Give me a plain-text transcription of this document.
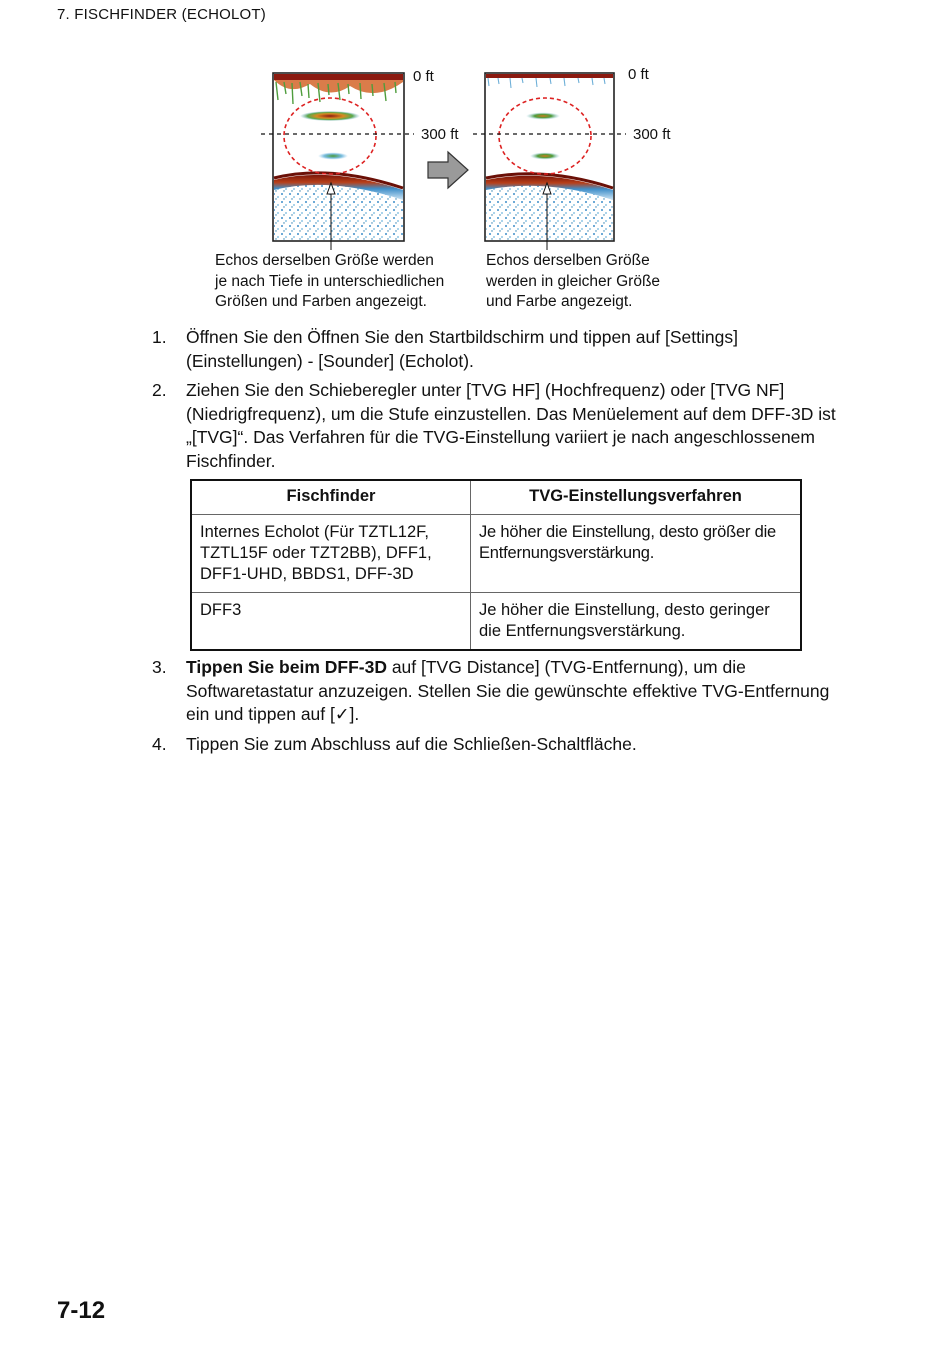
7. FISCHFINDER (ECHOLOT)
0 ft
300 ft
0 ft
300 ft
Echos derselben Größe werden
je nach Tiefe in unterschiedlichen
Größen und Farben angezeigt.
Echos derselben Größe
werden in gleicher Größe
und Farbe angezeigt.
1.	Öffnen Sie den Öffnen Sie den Startbildschirm und tippen auf [Settings] (Einstellungen) - [Sounder] (Echolot).
2.	Ziehen Sie den Schieberegler unter [TVG HF] (Hochfrequenz) oder [TVG NF] (Niedrigfrequenz), um die Stufe einzustellen. Das Menüelement auf dem DFF-3D ist „[TVG]“. Das Verfahren für die TVG-Einstellung variiert je nach angeschlossenem Fischfinder.
Fischfinder	TVG-Einstellungsverfahren
Internes Echolot (Für TZTL12F, TZTL15F oder TZT2BB), DFF1, DFF1-UHD, BBDS1, DFF-3D	Je höher die Einstellung, desto größer die Entfernungsverstärkung.
DFF3	Je höher die Einstellung, desto geringer die Entfernungsverstärkung.
3.	Tippen Sie beim DFF-3D auf [TVG Distance] (TVG-Entfernung), um die Softwaretastatur anzuzeigen. Stellen Sie die gewünschte effektive TVG-Entfernung ein und tippen auf [✓].
4.	Tippen Sie zum Abschluss auf die Schließen-Schaltfläche.
7-12
